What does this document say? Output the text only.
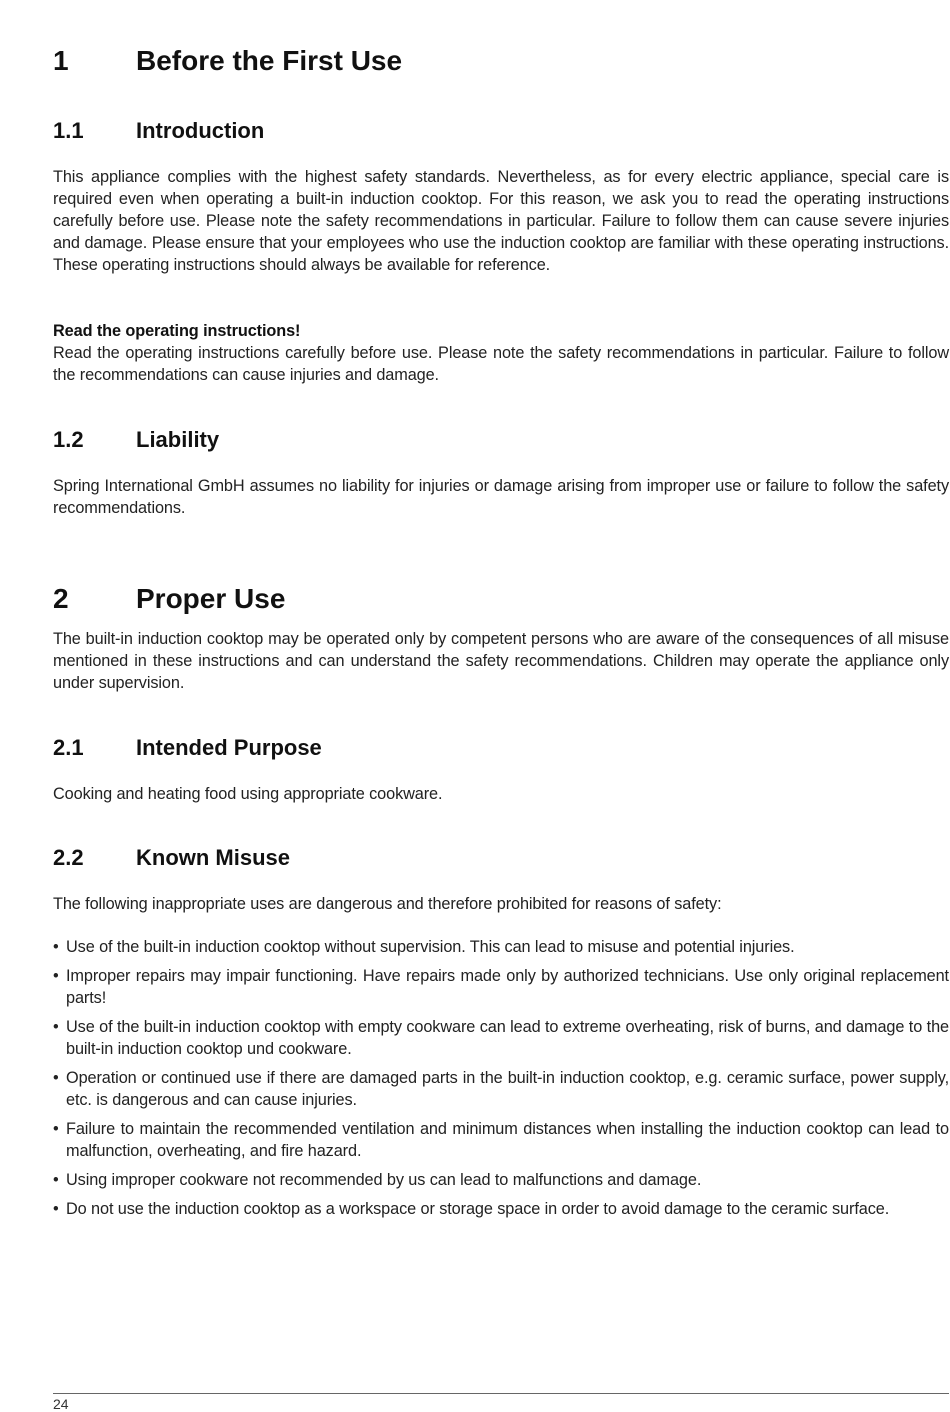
1 Before the First Use
1.1 Introduction

This appliance complies with the highest safety standards. Nevertheless, as for every electric appliance, special care is required even when operating a built-in induction cooktop. For this reason, we ask you to read the operating instructions carefully before use. Please note the safety recommendations in particular. Failure to follow them can cause severe injuries and damage. Please ensure that your employees who use the induction cooktop are familiar with these operating instructions. These operating instructions should always be available for reference.

Read the operating instructions!
Read the operating instructions carefully before use. Please note the safety recommendations in particular. Failure to follow the recommendations can cause injuries and damage.
1.2 Liability

Spring International GmbH assumes no liability for injuries or damage arising from improper use or failure to follow the safety recommendations.

2 Proper Use

The built-in induction cooktop may be operated only by competent persons who are aware of the consequences of all misuse mentioned in these instructions and can understand the safety recommendations. Children may operate the appliance only under supervision.

2.1 Intended Purpose

Cooking and heating food using appropriate cookware.

2.2 Known Misuse

The following inappropriate uses are dangerous and therefore prohibited for reasons of safety:

• Use of the built-in induction cooktop without supervision. This can lead to misuse and potential injuries.
• Improper repairs may impair functioning. Have repairs made only by authorized technicians. Use only original replacement parts!
• Use of the built-in induction cooktop with empty cookware can lead to extreme overheating, risk of burns, and damage to the built-in induction cooktop und cookware.
• Operation or continued use if there are damaged parts in the built-in induction cooktop, e.g. ceramic surface, power supply, etc. is dangerous and can cause injuries.
• Failure to maintain the recommended ventilation and minimum distances when installing the induction cooktop can lead to malfunction, overheating, and fire hazard.
• Using improper cookware not recommended by us can lead to malfunctions and damage.
• Do not use the induction cooktop as a workspace or storage space in order to avoid damage to the ceramic surface.
24
